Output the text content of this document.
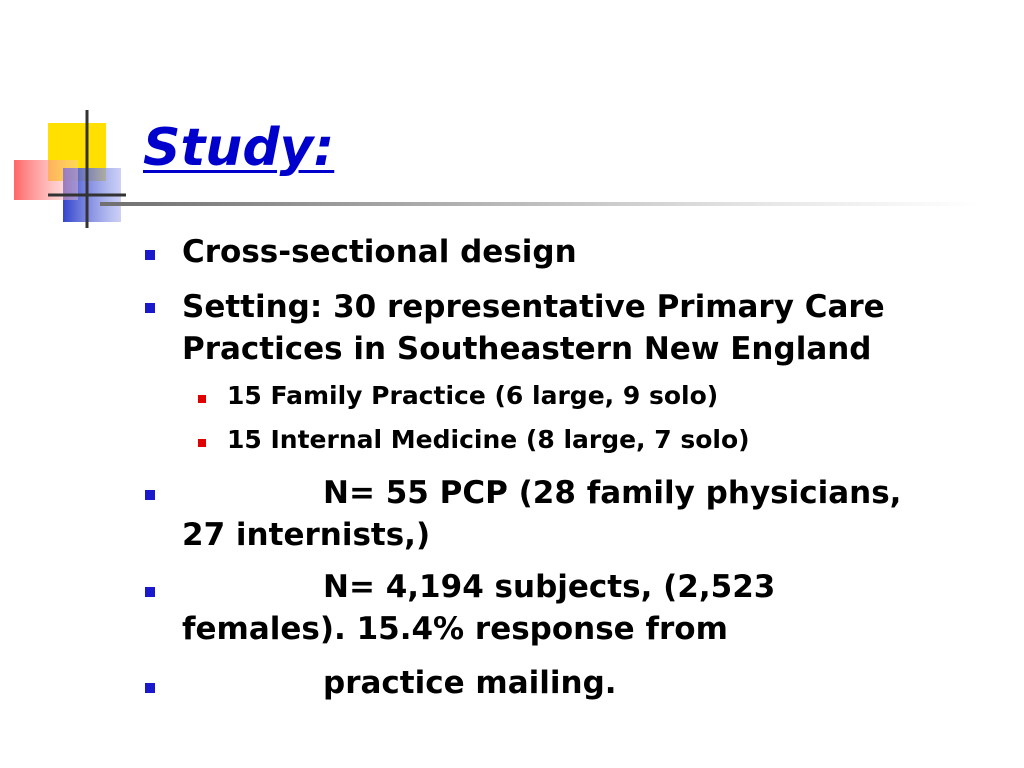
Study:
Cross-sectional design
Setting: 30 representative Primary Care
Practices in Southeastern New England
15 Family Practice (6 large, 9 solo)
15 Internal Medicine (8 large, 7 solo)
N= 55 PCP (28 family physicians,
27 internists,)
N= 4,194 subjects, (2,523
females). 15.4% response from
practice mailing.
